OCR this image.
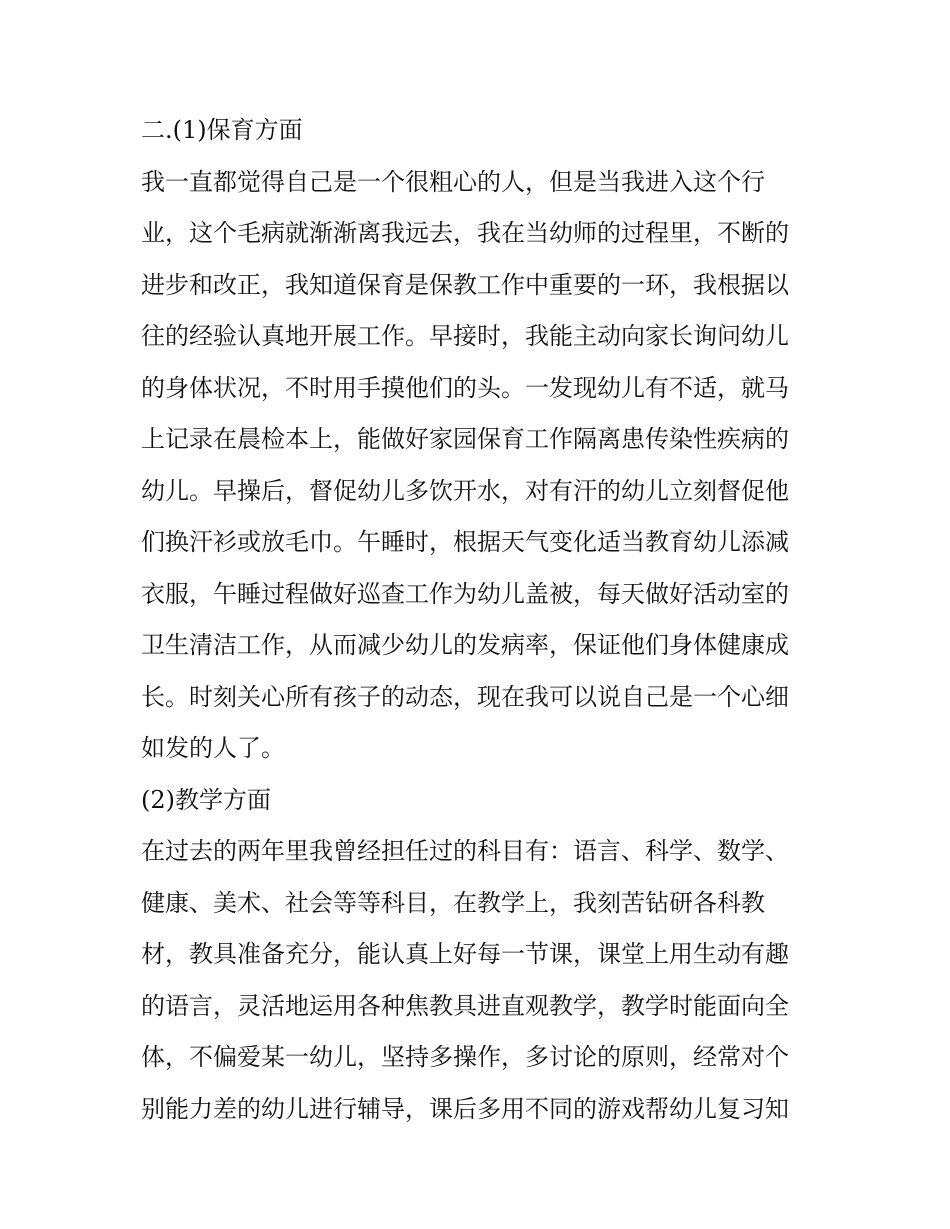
二.(1)保育方面
我一直都觉得自己是一个很粗心的人，但是当我进入这个行
业，这个毛病就渐渐离我远去，我在当幼师的过程里，不断的
进步和改正，我知道保育是保教工作中重要的一环，我根据以
往的经验认真地开展工作。早接时，我能主动向家长询问幼儿
的身体状况，不时用手摸他们的头。一发现幼儿有不适，就马
上记录在晨检本上，能做好家园保育工作隔离患传染性疾病的
幼儿。早操后，督促幼儿多饮开水，对有汗的幼儿立刻督促他
们换汗衫或放毛巾。午睡时，根据天气变化适当教育幼儿添减
衣服，午睡过程做好巡查工作为幼儿盖被，每天做好活动室的
卫生清洁工作，从而减少幼儿的发病率，保证他们身体健康成
长。时刻关心所有孩子的动态，现在我可以说自己是一个心细
如发的人了。
(2)教学方面
在过去的两年里我曾经担任过的科目有：语言、科学、数学、
健康、美术、社会等等科目，在教学上，我刻苦钻研各科教
材，教具准备充分，能认真上好每一节课，课堂上用生动有趣
的语言，灵活地运用各种焦教具进直观教学，教学时能面向全
体，不偏爱某一幼儿，坚持多操作，多讨论的原则，经常对个
别能力差的幼儿进行辅导，课后多用不同的游戏帮幼儿复习知
